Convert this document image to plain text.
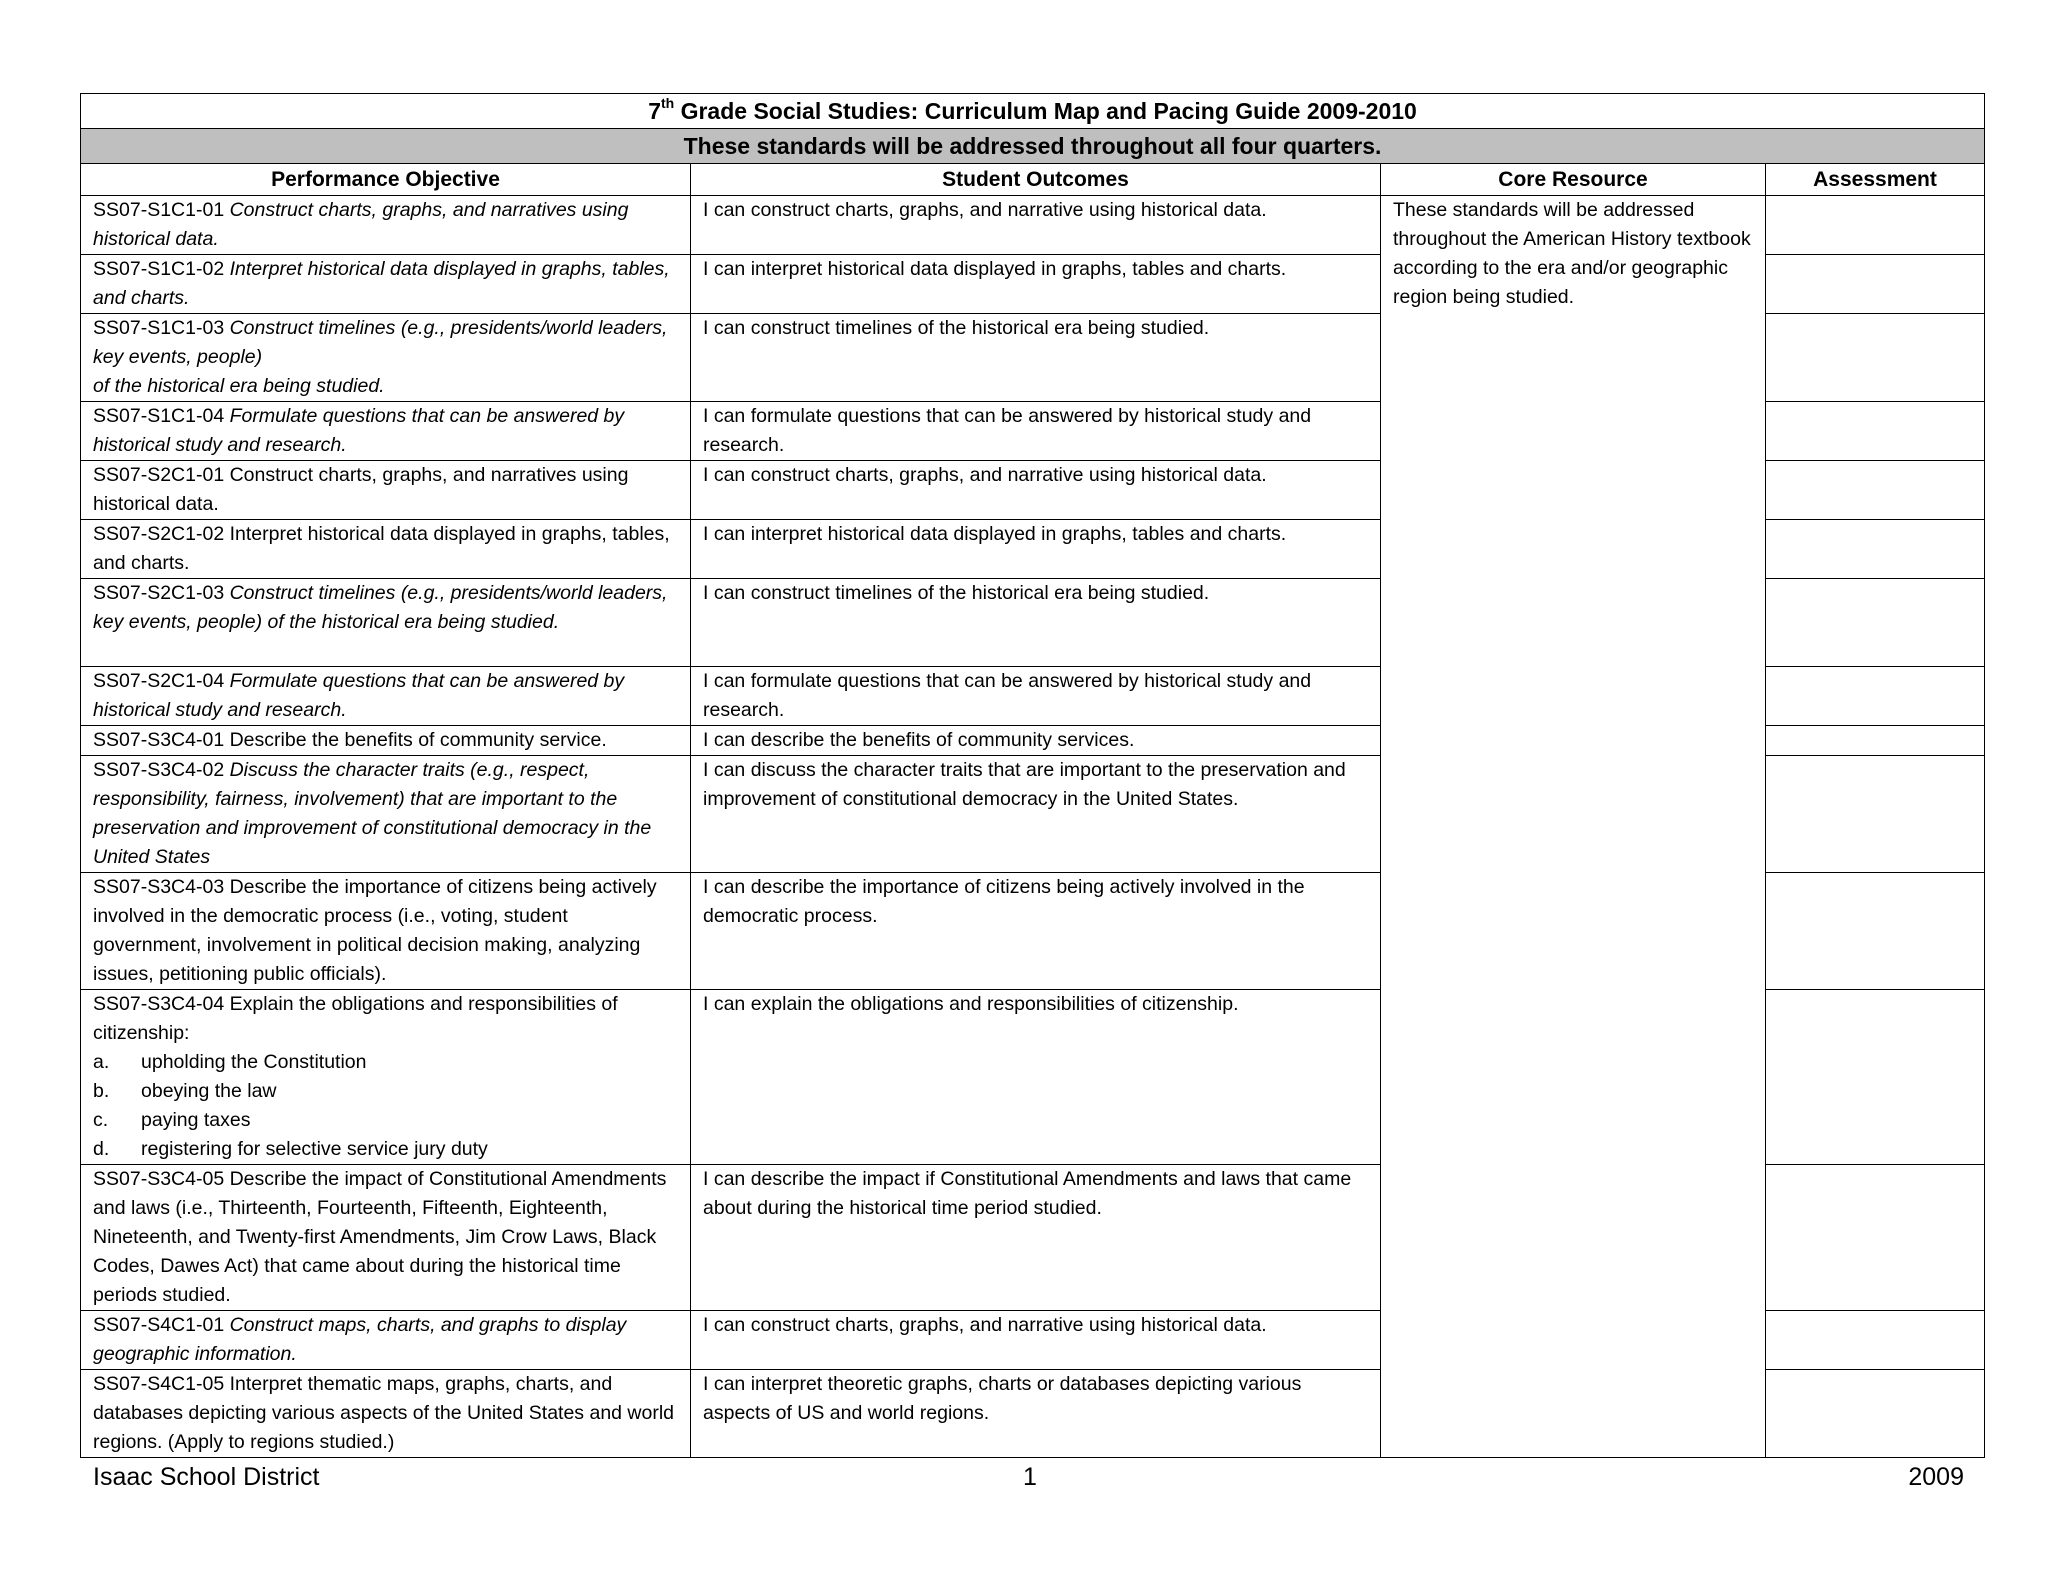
7th Grade Social Studies: Curriculum Map and Pacing Guide 2009-2010			
These standards will be addressed throughout all four quarters.			
Performance Objective	Student Outcomes	Core Resource	Assessment
SS07-S1C1-01 Construct charts, graphs, and narratives using historical data.	I can construct charts, graphs, and narrative using historical data.	These standards will be addressed throughout the American History textbook according to the era and/or geographic region being studied.	
SS07-S1C1-02 Interpret historical data displayed in graphs, tables, and charts.	I can interpret historical data displayed in graphs, tables and charts.		
SS07-S1C1-03 Construct timelines (e.g., presidents/world leaders, key events, people)
of the historical era being studied.	I can construct timelines of the historical era being studied.		
SS07-S1C1-04 Formulate questions that can be answered by historical study and research.	I can formulate questions that can be answered by historical study and research.		
SS07-S2C1-01 Construct charts, graphs, and narratives using historical data.	I can construct charts, graphs, and narrative using historical data.		
SS07-S2C1-02 Interpret historical data displayed in graphs, tables, and charts.	I can interpret historical data displayed in graphs, tables and charts.		
SS07-S2C1-03 Construct timelines (e.g., presidents/world leaders, key events, people) of the historical era being studied.	I can construct timelines of the historical era being studied.		
SS07-S2C1-04 Formulate questions that can be answered by historical study and research.	I can formulate questions that can be answered by historical study and research.		
SS07-S3C4-01 Describe the benefits of community service.	I can describe the benefits of community services.		
SS07-S3C4-02 Discuss the character traits (e.g., respect, responsibility, fairness, involvement) that are important to the preservation and improvement of constitutional democracy in the United States	I can discuss the character traits that are important to the preservation and improvement of constitutional democracy in the United States.		
SS07-S3C4-03 Describe the importance of citizens being actively involved in the democratic process (i.e., voting, student government, involvement in political decision making, analyzing issues, petitioning public officials).	I can describe the importance of citizens being actively involved in the democratic process.		
SS07-S3C4-04 Explain the obligations and responsibilities of citizenship:
a. upholding the Constitution
b. obeying the law
c. paying taxes
d. registering for selective service jury duty	I can explain the obligations and responsibilities of citizenship.		
SS07-S3C4-05 Describe the impact of Constitutional Amendments and laws (i.e., Thirteenth, Fourteenth, Fifteenth, Eighteenth, Nineteenth, and Twenty-first Amendments, Jim Crow Laws, Black Codes, Dawes Act) that came about during the historical time periods studied.	I can describe the impact if Constitutional Amendments and laws that came about during the historical time period studied.		
SS07-S4C1-01 Construct maps, charts, and graphs to display geographic information.	I can construct charts, graphs, and narrative using historical data.		
SS07-S4C1-05 Interpret thematic maps, graphs, charts, and databases depicting various aspects of the United States and world regions. (Apply to regions studied.)	I can interpret theoretic graphs, charts or databases depicting various aspects of US and world regions.		
Isaac School District	1	2009
